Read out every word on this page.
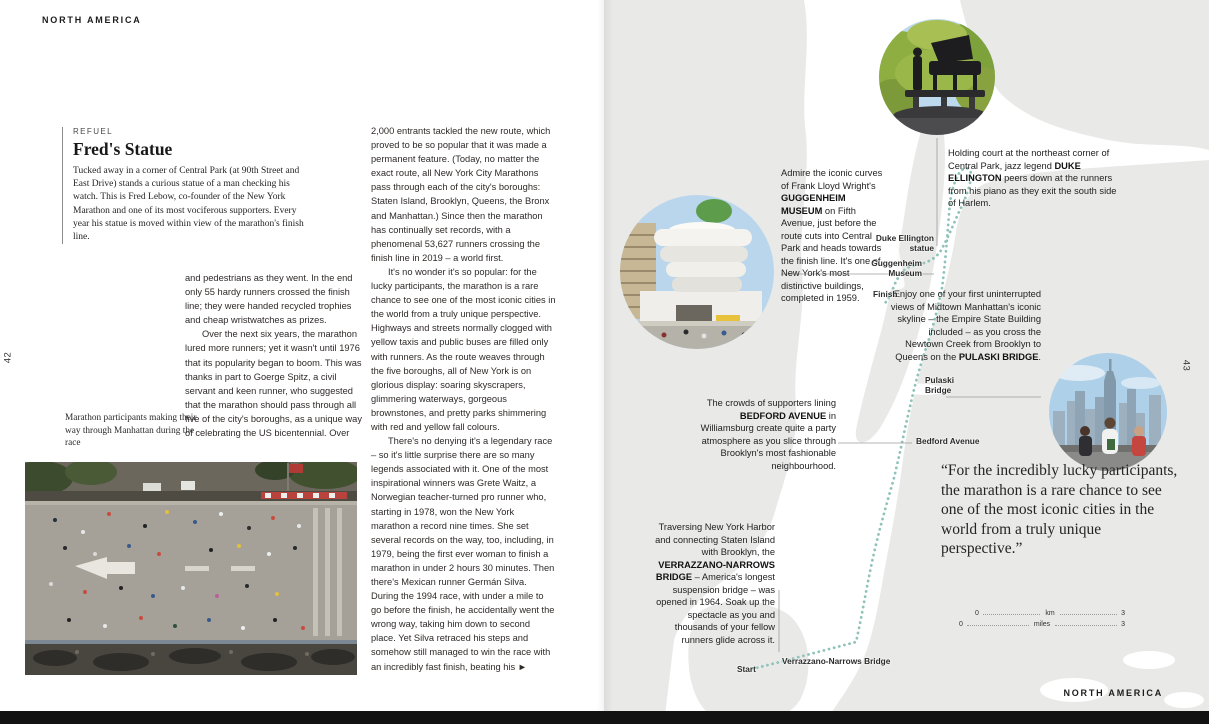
NORTH AMERICA
REFUEL
Fred's Statue

Tucked away in a corner of Central Park (at 90th Street and East Drive) stands a curious statue of a man checking his watch. This is Fred Lebow, co-founder of the New York Marathon and one of its most vociferous supporters. Every year his statue is moved within view of the marathon's finish line.

and pedestrians as they went. In the end only 55 hardy runners crossed the finish line; they were handed recycled trophies and cheap wristwatches as prizes.

Over the next six years, the marathon lured more runners; yet it wasn't until 1976 that its popularity began to boom. This was thanks in part to Goerge Spitz, a civil servant and keen runner, who suggested that the marathon should pass through all five of the city's boroughs, as a unique way of celebrating the US bicentennial. Over

2,000 entrants tackled the new route, which proved to be so popular that it was made a permanent feature. (Today, no matter the exact route, all New York City Marathons pass through each of the city's boroughs: Staten Island, Brooklyn, Queens, the Bronx and Manhattan.) Since then the marathon has continually set records, with a phenomenal 53,627 runners crossing the finish line in 2019 – a world first.

It's no wonder it's so popular: for the lucky participants, the marathon is a rare chance to see one of the most iconic cities in the world from a truly unique perspective. Highways and streets normally clogged with yellow taxis and public buses are filled only with runners. As the route weaves through the five boroughs, all of New York is on glorious display: soaring skyscrapers, glimmering waterways, gorgeous brownstones, and pretty parks shimmering with red and yellow fall colours.

There's no denying it's a legendary race – so it's little surprise there are so many legends associated with it. One of the most inspirational winners was Grete Waitz, a Norwegian teacher-turned pro runner who, starting in 1978, won the New York marathon a record nine times. She set several records on the way, too, including, in 1979, being the first ever woman to finish a marathon in under 2 hours 30 minutes. Then there's Mexican runner Germán Silva. During the 1994 race, with under a mile to go before the finish, he accidentally went the wrong way, taking him down to second place. Yet Silva retraced his steps and somehow still managed to win the race with an incredibly fast finish, beating his ►

Marathon participants making their way through Manhattan during the race
42

Admire the iconic curves of Frank Lloyd Wright's GUGGENHEIM MUSEUM on Fifth Avenue, just before the route cuts into Central Park and heads towards the finish line. It's one of New York's most distinctive buildings, completed in 1959.

Holding court at the northeast corner of Central Park, jazz legend DUKE ELLINGTON peers down at the runners from his piano as they exit the south side of Harlem.

Enjoy one of your first uninterrupted views of Midtown Manhattan's iconic skyline – the Empire State Building included – as you cross the Newtown Creek from Brooklyn to Queens on the PULASKI BRIDGE.

The crowds of supporters lining BEDFORD AVENUE in Williamsburg create quite a party atmosphere as you slice through Brooklyn's most fashionable neighbourhood.

Traversing New York Harbor and connecting Staten Island with Brooklyn, the VERRAZZANO-NARROWS BRIDGE – America's longest suspension bridge – was opened in 1964. Soak up the spectacle as you and thousands of your fellow runners glide across it.

Duke Ellington statue
Guggenheim Museum
Finish
Pulaski Bridge
Bedford Avenue
Verrazzano-Narrows Bridge
Start
“For the incredibly lucky participants, the marathon is a rare chance to see one of the most iconic cities in the world from a truly unique perspective.”
0	km	3
0	miles	3
NORTH AMERICA
43
